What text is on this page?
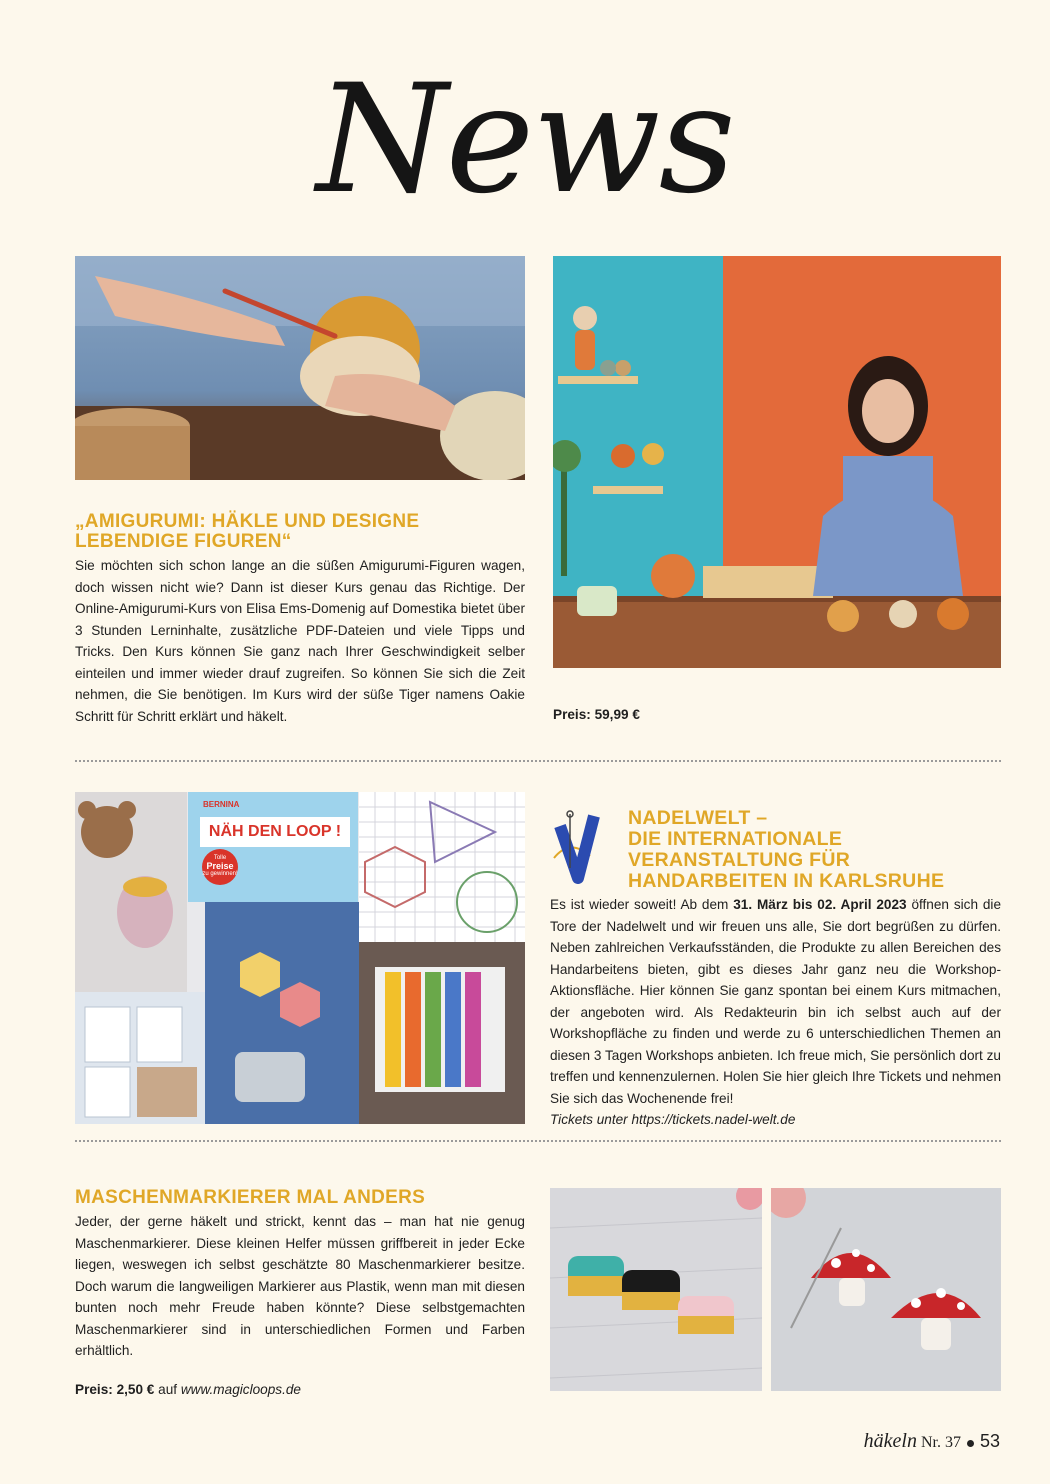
News
„AMIGURUMI: HÄKLE UND DESIGNE
LEBENDIGE FIGUREN“
Sie möchten sich schon lange an die süßen Amigurumi-Figuren wagen, doch wissen nicht wie? Dann ist dieser Kurs genau das Richtige. Der Online-Amigurumi-Kurs von Elisa Ems-Domenig auf Domestika bietet über 3 Stunden Lerninhalte, zusätzliche PDF-Dateien und viele Tipps und Tricks. Den Kurs können Sie ganz nach Ihrer Geschwindigkeit selber einteilen und immer wieder drauf zugreifen. So können Sie sich die Zeit nehmen, die Sie benötigen. Im Kurs wird der süße Tiger namens Oakie Schritt für Schritt erklärt und häkelt.	Preis: 59,99 €
BERNINA
NÄH DEN LOOP !
Tolle
Preise
zu gewinnen!
NADELWELT –
DIE INTERNATIONALE
VERANSTALTUNG FÜR
HANDARBEITEN IN KARLSRUHE
Es ist wieder soweit! Ab dem 31. März bis 02. April 2023 öffnen sich die Tore der Nadelwelt und wir freuen uns alle, Sie dort begrüßen zu dürfen. Neben zahlreichen Verkaufsständen, die Produkte zu allen Bereichen des Handarbeitens bieten, gibt es dieses Jahr ganz neu die Workshop-Aktionsfläche. Hier können Sie ganz spontan bei einem Kurs mitmachen, der angeboten wird. Als Redakteurin bin ich selbst auch auf der Workshopfläche zu finden und werde zu 6 unterschiedlichen Themen an diesen 3 Tagen Workshops anbieten. Ich freue mich, Sie persönlich dort zu treffen und kennenzulernen. Holen Sie hier gleich Ihre Tickets und nehmen Sie sich das Wochenende frei!
Tickets unter https://tickets.nadel-welt.de
MASCHENMARKIERER MAL ANDERS
Jeder, der gerne häkelt und strickt, kennt das – man hat nie genug Maschenmarkierer. Diese kleinen Helfer müssen griffbereit in jeder Ecke liegen, weswegen ich selbst geschätzte 80 Maschenmarkierer besitze. Doch warum die langweiligen Markierer aus Plastik, wenn man mit diesen bunten noch mehr Freude haben könnte? Diese selbstgemachten Maschenmarkierer sind in unterschiedlichen Formen und Farben erhältlich.
Preis: 2,50 € auf www.magicloops.de
häkeln Nr. 37 53
